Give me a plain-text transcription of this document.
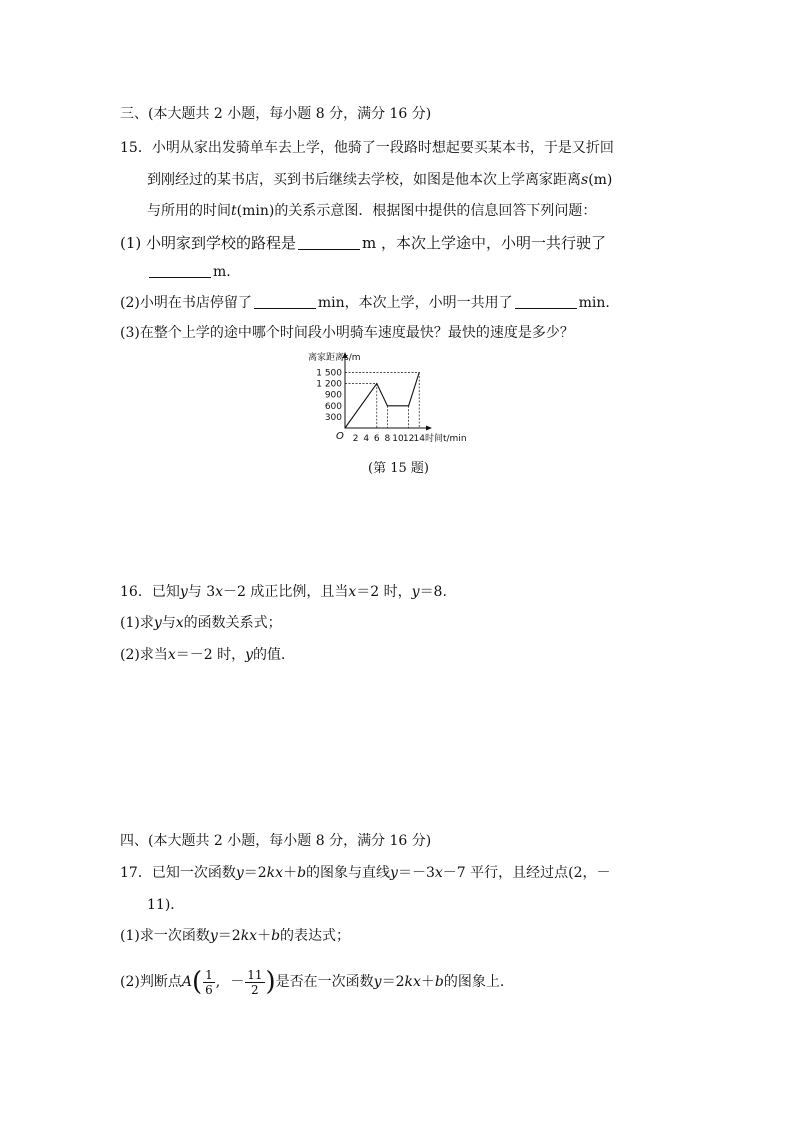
三、(本大题共 2 小题，每小题 8 分，满分 16 分)
15．小明从家出发骑单车去上学，他骑了一段路时想起要买某本书，于是又折回
到刚经过的某书店，买到书后继续去学校，如图是他本次上学离家距离s(m)
与所用的时间t(min)的关系示意图．根据图中提供的信息回答下列问题：
(1) 小明家到学校的路程是	m ，本次上学途中，小明一共行驶了
m.
(2)小明在书店停留了	min，本次上学，小明一共用了	min.
(3)在整个上学的途中哪个时间段小明骑车速度最快？最快的速度是多少？
离家距离s/m
时间t/min
O
300
600
900
1 200
1 500
2 4 6 8 10 12 14
(第 15 题)
16．已知y与 3x－2 成正比例，且当x＝2 时，y＝8.
(1)求y与x的函数关系式；
(2)求当x＝－2 时，y的值．
四、(本大题共 2 小题，每小题 8 分，满分 16 分)
17．已知一次函数y＝2kx＋b的图象与直线y＝－3x－7 平行，且经过点(2，－
11)．
(1)求一次函数y＝2kx＋b的表达式；
(2)判断点$A( \frac{1}{6}$ , － $\frac{11}{2}$ )是否在一次函数y＝2kx＋b的图象上.
